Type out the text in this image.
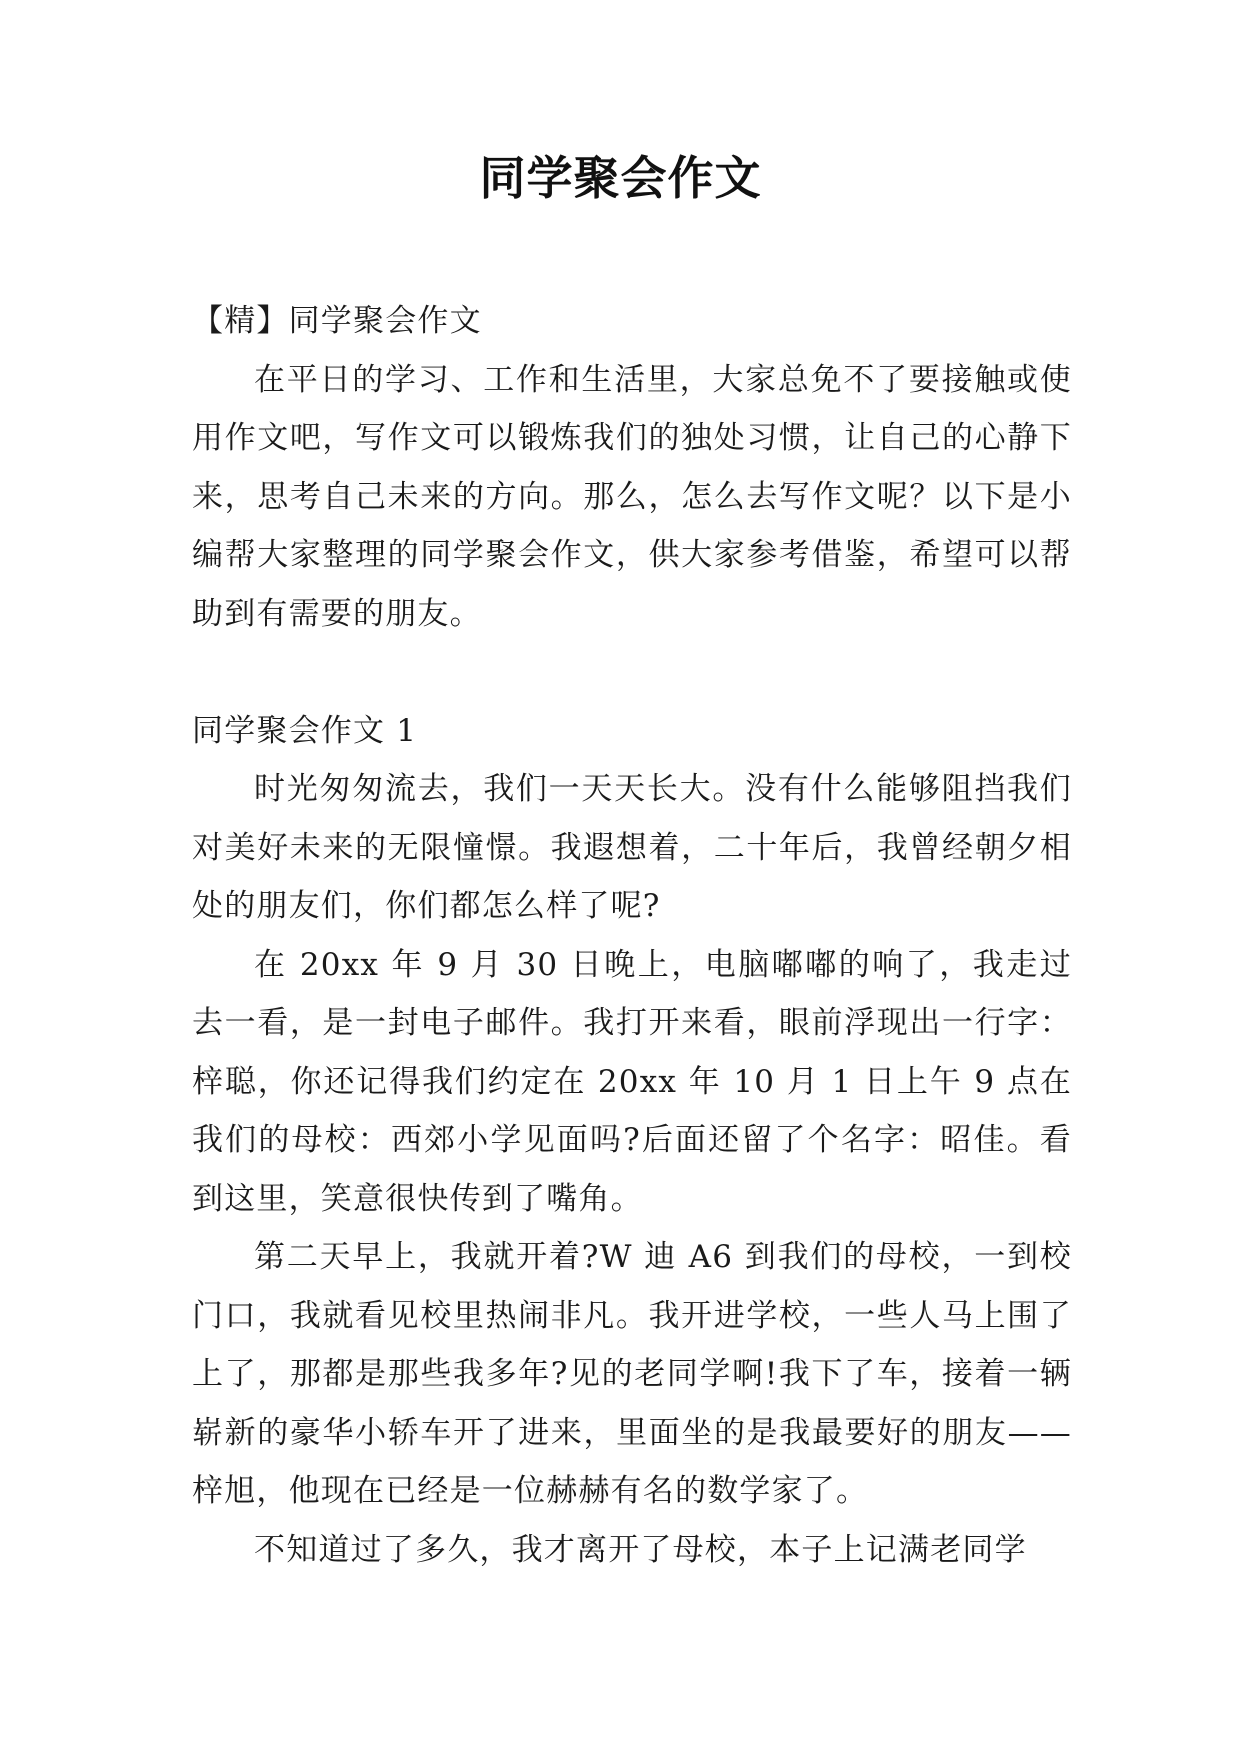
同学聚会作文

【精】同学聚会作文

在平日的学习、工作和生活里，大家总免不了要接触或使用作文吧，写作文可以锻炼我们的独处习惯，让自己的心静下来，思考自己未来的方向。那么，怎么去写作文呢？以下是小编帮大家整理的同学聚会作文，供大家参考借鉴，希望可以帮助到有需要的朋友。

同学聚会作文 1

时光匆匆流去，我们一天天长大。没有什么能够阻挡我们对美好未来的无限憧憬。我遐想着，二十年后，我曾经朝夕相处的朋友们，你们都怎么样了呢?

在 20xx 年 9 月 30 日晚上，电脑嘟嘟的响了，我走过去一看，是一封电子邮件。我打开来看，眼前浮现出一行字：梓聪，你还记得我们约定在 20xx 年 10 月 1 日上午 9 点在我们的母校：西郊小学见面吗?后面还留了个名字：昭佳。看到这里，笑意很快传到了嘴角。

第二天早上，我就开着?W 迪 A6 到我们的母校，一到校门口，我就看见校里热闹非凡。我开进学校，一些人马上围了上了，那都是那些我多年?见的老同学啊!我下了车，接着一辆崭新的豪华小轿车开了进来，里面坐的是我最要好的朋友——梓旭，他现在已经是一位赫赫有名的数学家了。

不知道过了多久，我才离开了母校，本子上记满老同学
